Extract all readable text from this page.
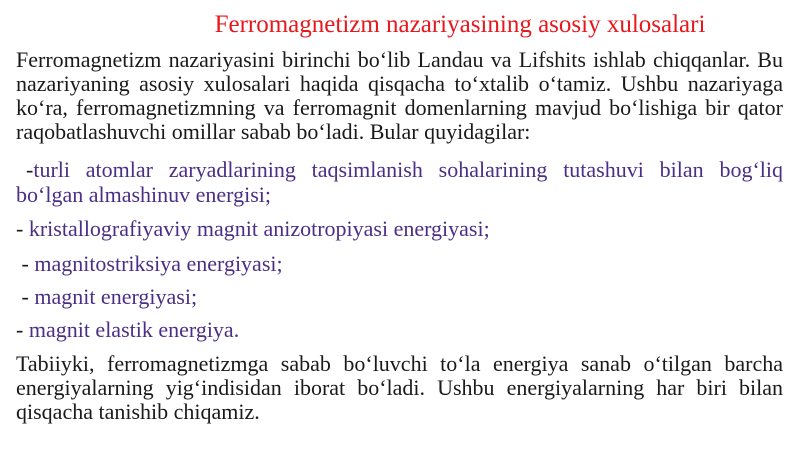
Ferromagnetizm nazariyasining asosiy xulosalari

Ferromagnetizm nazariyasini birinchi bo‘lib Landau va Lifshits ishlab chiqqanlar. Bu nazariyaning asosiy xulosalari haqida qisqacha to‘xtalib o‘tamiz. Ushbu nazariyaga ko‘ra, ferromagnetizmning va ferromagnit domenlarning mavjud bo‘lishiga bir qator raqobatlashuvchi omillar sabab bo‘ladi. Bular quyidagilar:

-turli atomlar zaryadlarining taqsimlanish sohalarining tutashuvi bilan bog‘liq bo‘lgan almashinuv energisi;

- kristallografiyaviy magnit anizotropiyasi energiyasi;

- magnitostriksiya energiyasi;

- magnit energiyasi;

- magnit elastik energiya.

Tabiiyki, ferromagnetizmga sabab bo‘luvchi to‘la energiya sanab o‘tilgan barcha energiyalarning yig‘indisidan iborat bo‘ladi. Ushbu energiyalarning har biri bilan qisqacha tanishib chiqamiz.
